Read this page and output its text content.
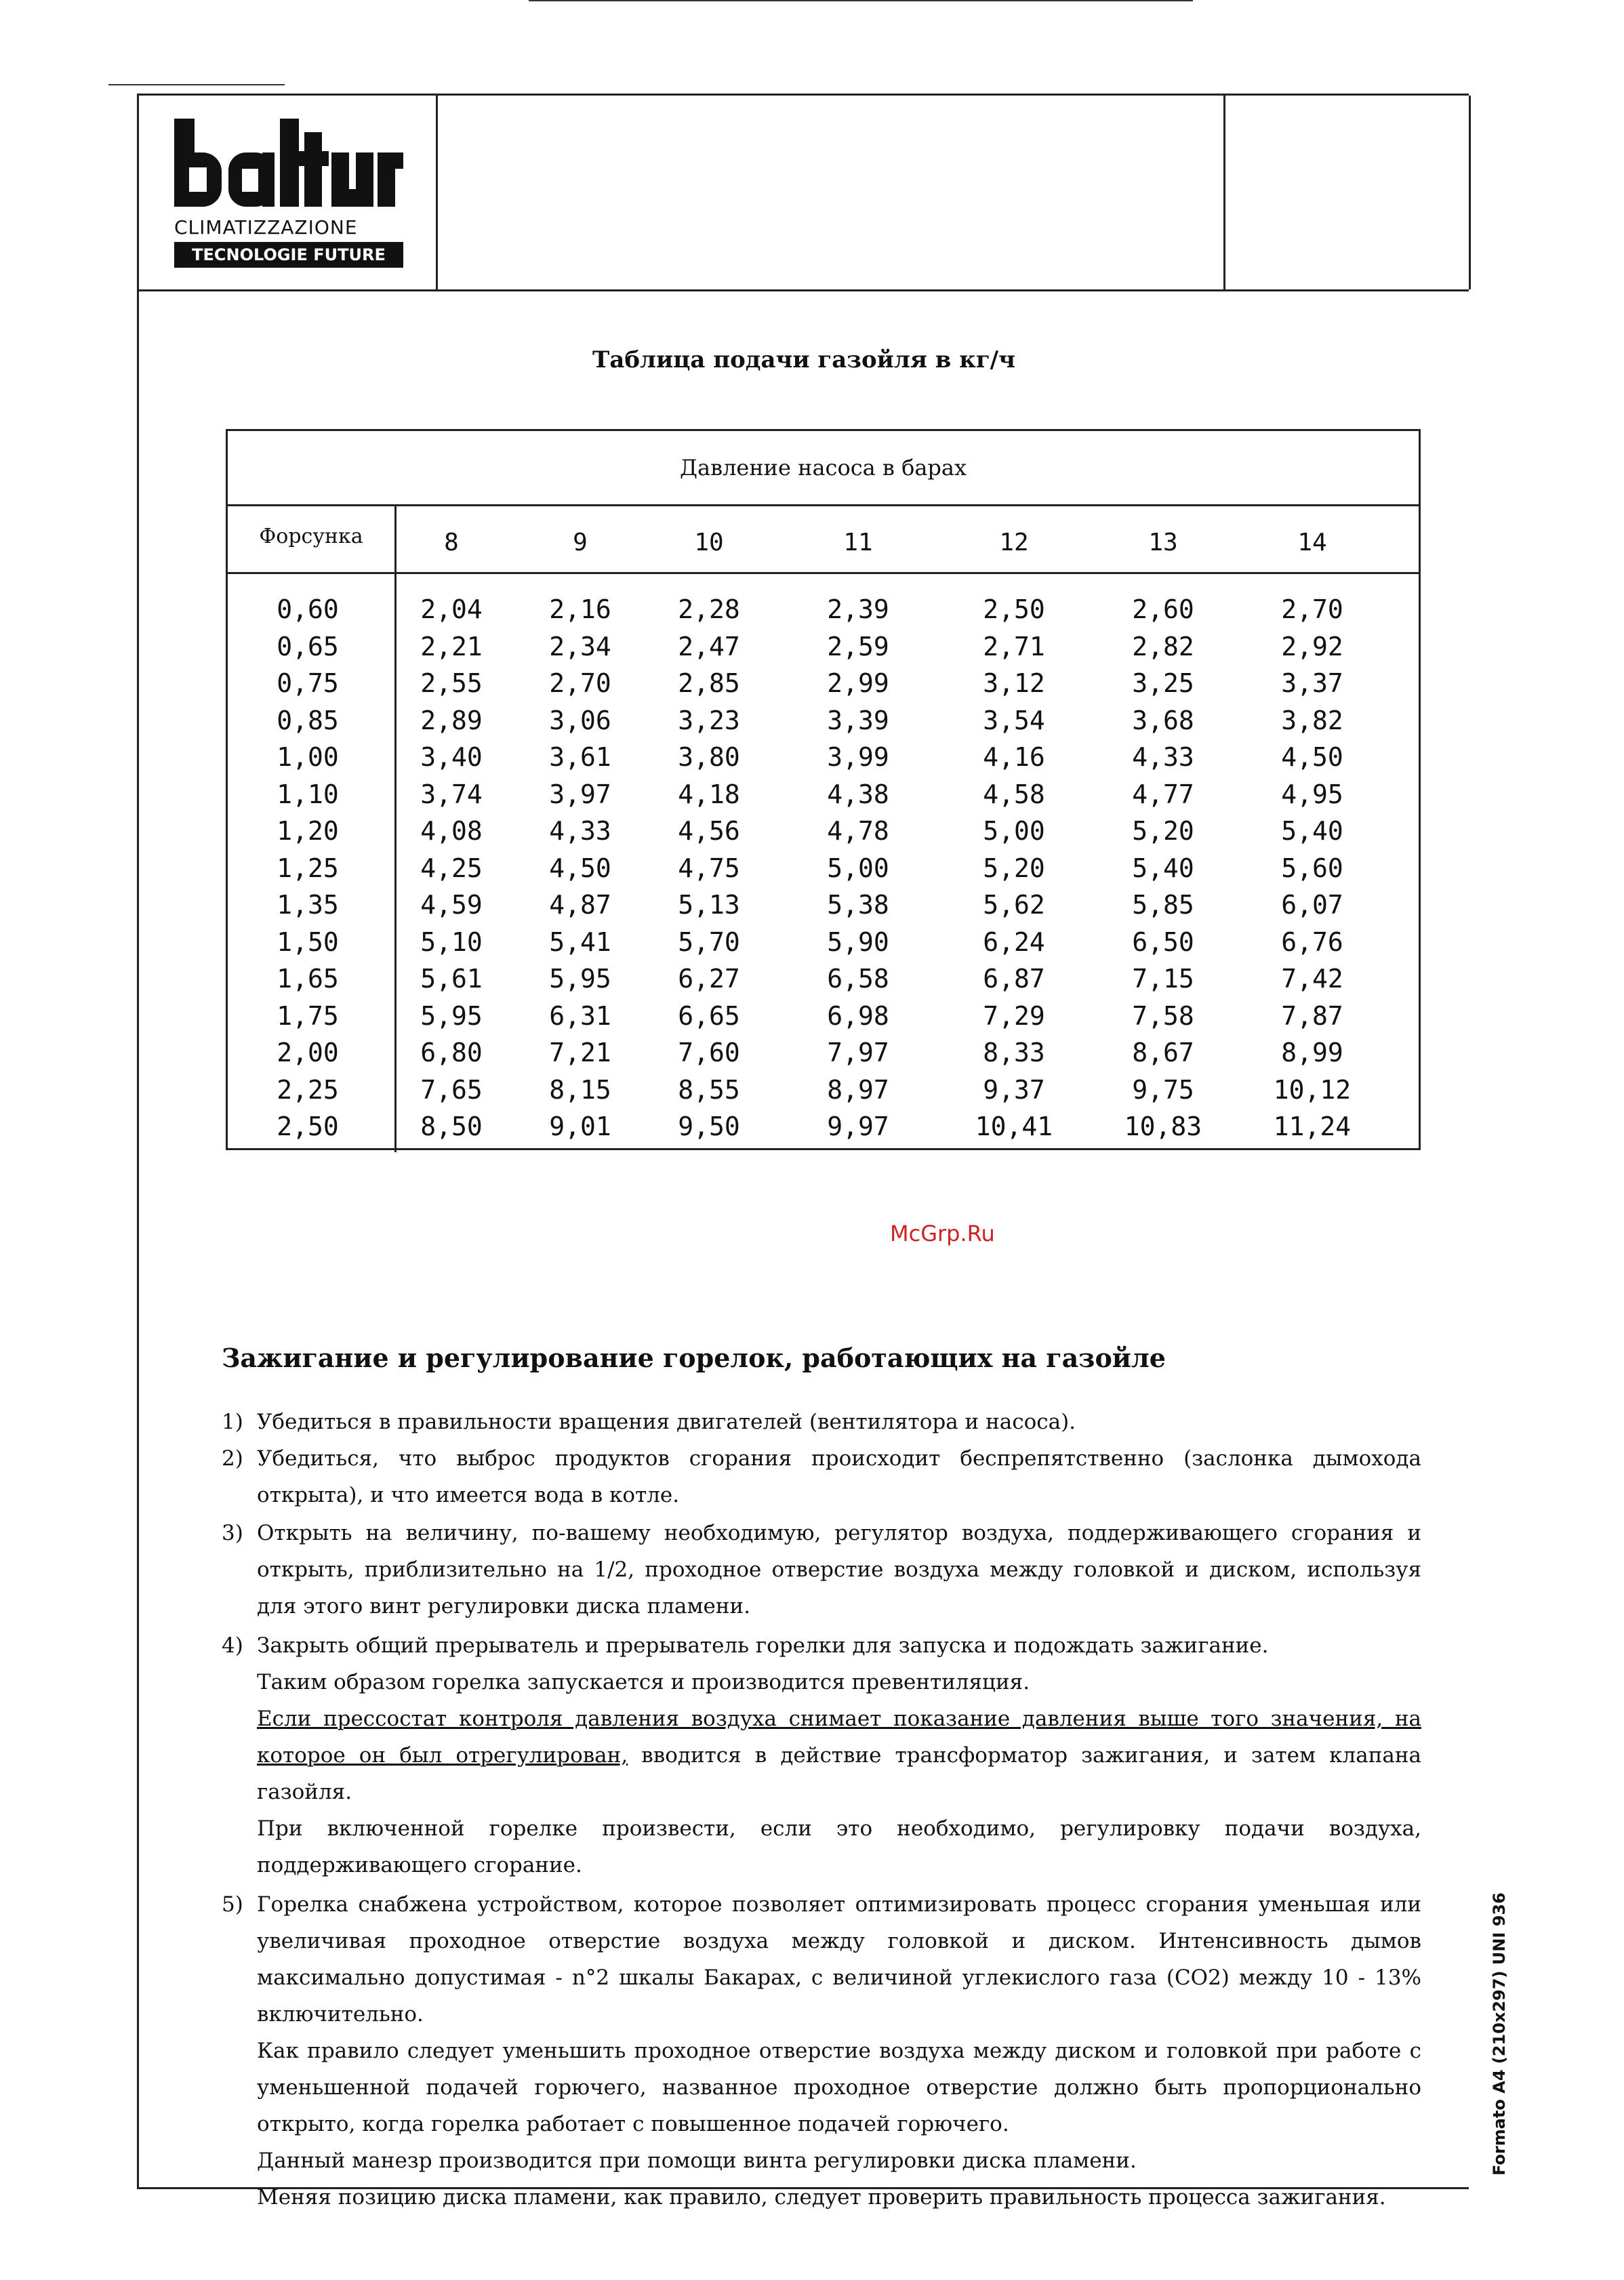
CLIMATIZZAZIONE
TECNOLOGIE FUTURE
Таблица подачи газойля в кг/ч
Давление насоса в барах
Форсунка	8	9	10	11	12	13	14
0,60	2,04	2,16	2,28	2,39	2,50	2,60	2,70
0,65	2,21	2,34	2,47	2,59	2,71	2,82	2,92
0,75	2,55	2,70	2,85	2,99	3,12	3,25	3,37
0,85	2,89	3,06	3,23	3,39	3,54	3,68	3,82
1,00	3,40	3,61	3,80	3,99	4,16	4,33	4,50
1,10	3,74	3,97	4,18	4,38	4,58	4,77	4,95
1,20	4,08	4,33	4,56	4,78	5,00	5,20	5,40
1,25	4,25	4,50	4,75	5,00	5,20	5,40	5,60
1,35	4,59	4,87	5,13	5,38	5,62	5,85	6,07
1,50	5,10	5,41	5,70	5,90	6,24	6,50	6,76
1,65	5,61	5,95	6,27	6,58	6,87	7,15	7,42
1,75	5,95	6,31	6,65	6,98	7,29	7,58	7,87
2,00	6,80	7,21	7,60	7,97	8,33	8,67	8,99
2,25	7,65	8,15	8,55	8,97	9,37	9,75	10,12
2,50	8,50	9,01	9,50	9,97	10,41	10,83	11,24
McGrp.Ru
Зажигание и регулирование горелок, работающих на газойле
1) Убедиться в правильности вращения двигателей (вентилятора и насоса).
2) Убедиться, что выброс продуктов сгорания происходит беспрепятственно (заслонка дымохода открыта), и что имеется вода в котле.
3) Открыть на величину, по-вашему необходимую, регулятор воздуха, поддерживающего сгорания и открыть, приблизительно на 1/2, проходное отверстие воздуха между головкой и диском, используя для этого винт регулировки диска пламени.
4) Закрыть общий прерыватель и прерыватель горелки для запуска и подождать зажигание.
Таким образом горелка запускается и производится превентиляция.
Если прессостат контроля давления воздуха снимает показание давления выше того значения, на которое он был отрегулирован, вводится в действие трансформатор зажигания, и затем клапана газойля.
При включенной горелке произвести, если это необходимо, регулировку подачи воздуха, поддерживающего сгорание.
5) Горелка снабжена устройством, которое позволяет оптимизировать процесс сгорания уменьшая или увеличивая проходное отверстие воздуха между головкой и диском. Интенсивность дымов максимально допустимая - n°2 шкалы Бакарах, с величиной углекислого газа (CO2) между 10 - 13% включительно.
Как правило следует уменьшить проходное отверстие воздуха между диском и головкой при работе с уменьшенной подачей горючего, названное проходное отверстие должно быть пропорционально открыто, когда горелка работает с повышенное подачей горючего.
Данный манезр производится при помощи винта регулировки диска пламени.
Меняя позицию диска пламени, как правило, следует проверить правильность процесса зажигания.
Formato A4 (210x297) UNI 936
